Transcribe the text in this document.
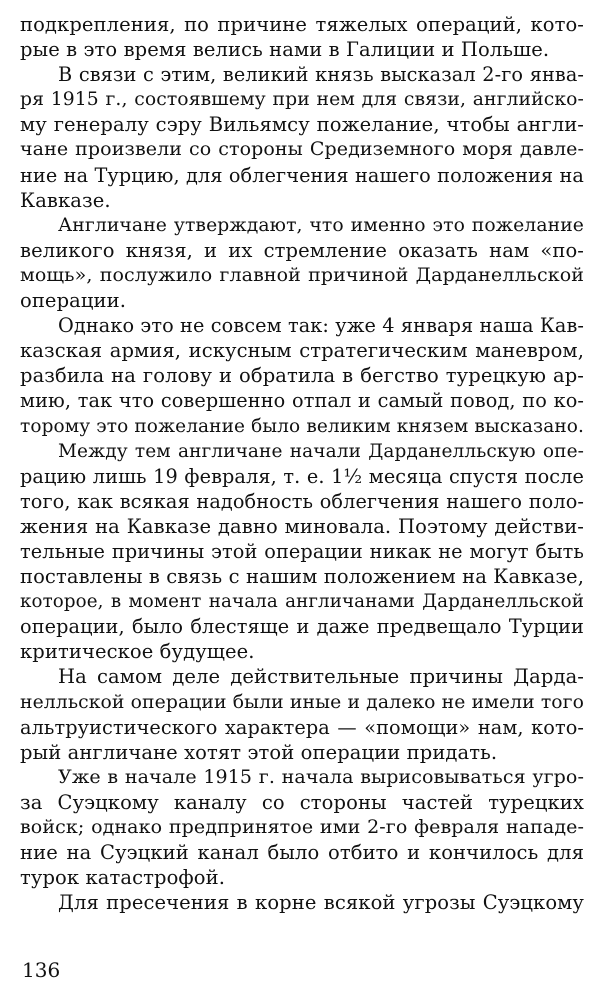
подкрепления, по причине тяжелых операций, кото-
рые в это время велись нами в Галиции и Польше.
В связи с этим, великий князь высказал 2-го янва-
ря 1915 г., состоявшему при нем для связи, английско-
му генералу сэру Вильямсу пожелание, чтобы англи-
чане произвели со стороны Средиземного моря давле-
ние на Турцию, для облегчения нашего положения на
Кавказе.
Англичане утверждают, что именно это пожелание
великого князя, и их стремление оказать нам «по-
мощь», послужило главной причиной Дарданелльской
операции.
Однако это не совсем так: уже 4 января наша Кав-
казская армия, искусным стратегическим маневром,
разбила на голову и обратила в бегство турецкую ар-
мию, так что совершенно отпал и самый повод, по ко-
торому это пожелание было великим князем высказано.
Между тем англичане начали Дарданелльскую опе-
рацию лишь 19 февраля, т. е. 1½ месяца спустя после
того, как всякая надобность облегчения нашего поло-
жения на Кавказе давно миновала. Поэтому действи-
тельные причины этой операции никак не могут быть
поставлены в связь с нашим положением на Кавказе,
которое, в момент начала англичанами Дарданелльской
операции, было блестяще и даже предвещало Турции
критическое будущее.
На самом деле действительные причины Дарда-
нелльской операции были иные и далеко не имели того
альтруистического характера — «помощи» нам, кото-
рый англичане хотят этой операции придать.
Уже в начале 1915 г. начала вырисовываться угро-
за Суэцкому каналу со стороны частей турецких
войск; однако предпринятое ими 2-го февраля нападе-
ние на Суэцкий канал было отбито и кончилось для
турок катастрофой.
Для пресечения в корне всякой угрозы Суэцкому
136
